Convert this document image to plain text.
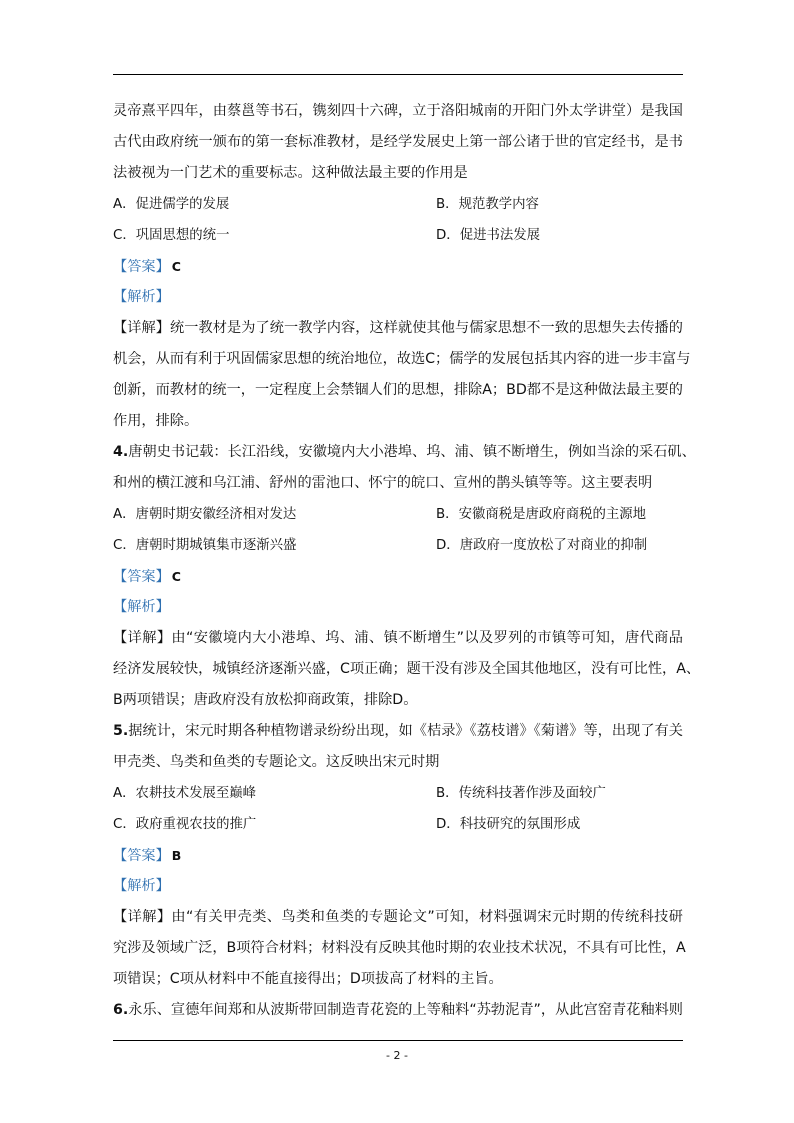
灵帝熹平四年，由蔡邕等书石，镌刻四十六碑，立于洛阳城南的开阳门外太学讲堂）是我国
古代由政府统一颁布的第一套标准教材，是经学发展史上第一部公诸于世的官定经书，是书
法被视为一门艺术的重要标志。这种做法最主要的作用是
A．促进儒学的发展	B．规范教学内容
C．巩固思想的统一	D．促进书法发展
【答案】 C
【解析】
【详解】统一教材是为了统一教学内容，这样就使其他与儒家思想不一致的思想失去传播的
机会，从而有利于巩固儒家思想的统治地位，故选C；儒学的发展包括其内容的进一步丰富与
创新，而教材的统一，一定程度上会禁锢人们的思想，排除A；BD都不是这种做法最主要的
作用，排除。
4.唐朝史书记载：长江沿线，安徽境内大小港埠、坞、浦、镇不断增生，例如当涂的采石矶、
和州的横江渡和乌江浦、舒州的雷池口、怀宁的皖口、宣州的鹊头镇等等。这主要表明
A．唐朝时期安徽经济相对发达	B．安徽商税是唐政府商税的主源地
C．唐朝时期城镇集市逐渐兴盛	D．唐政府一度放松了对商业的抑制
【答案】 C
【解析】
【详解】由“安徽境内大小港埠、坞、浦、镇不断增生”以及罗列的市镇等可知，唐代商品
经济发展较快，城镇经济逐渐兴盛，C项正确；题干没有涉及全国其他地区，没有可比性，A、
B两项错误；唐政府没有放松抑商政策，排除D。
5.据统计，宋元时期各种植物谱录纷纷出现，如《桔录》《荔枝谱》《菊谱》等，出现了有关
甲壳类、鸟类和鱼类的专题论文。这反映出宋元时期
A．农耕技术发展至巅峰	B．传统科技著作涉及面较广
C．政府重视农技的推广	D．科技研究的氛围形成
【答案】 B
【解析】
【详解】由“有关甲壳类、鸟类和鱼类的专题论文”可知，材料强调宋元时期的传统科技研
究涉及领域广泛，B项符合材料；材料没有反映其他时期的农业技术状况，不具有可比性，A
项错误；C项从材料中不能直接得出；D项拔高了材料的主旨。
6.永乐、宣德年间郑和从波斯带回制造青花瓷的上等釉料“苏勃泥青”，从此宫窑青花釉料则
- 2 -
